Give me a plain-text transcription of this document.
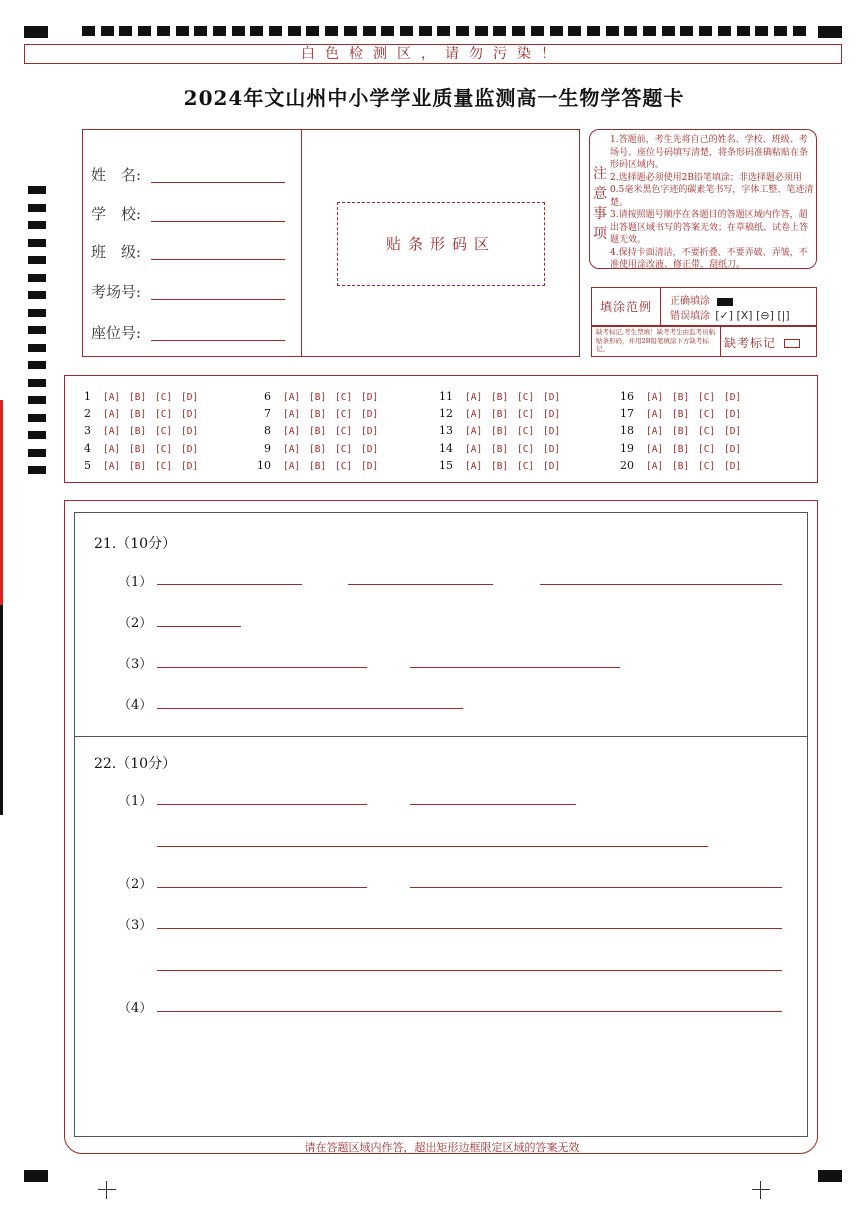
白色检测区，请勿污染！
2024年文山州中小学学业质量监测高一生物学答题卡
姓　名:
学　校:
班　级:
考场号:
座位号:
贴条形码区
注意事项

1.答题前，考生先将自己的姓名、学校、班级、考场号、座位号码填写清楚，将条形码准确粘贴在条形码区域内。

2.选择题必须使用2B铅笔填涂；非选择题必须用0.5毫米黑色字迹的碳素笔书写，字体工整、笔迹清楚。

3.请按照题号顺序在各题目的答题区域内作答，超出答题区域书写的答案无效；在草稿纸、试卷上答题无效。

4.保持卡面清洁，不要折叠、不要弄破、弄皱，不准使用涂改液、修正带、刮纸刀。

填涂范例 正确填涂
错误填涂 [✓] [X] [⊖] [|]
缺考标记,考生禁填！缺考考生由监考员粘贴条形码，并用2B铅笔填涂下方缺考标记。	缺考标记
1 [A] [B] [C] [D]
2 [A] [B] [C] [D]
3 [A] [B] [C] [D]
4 [A] [B] [C] [D]
5 [A] [B] [C] [D]
6 [A] [B] [C] [D]
7 [A] [B] [C] [D]
8 [A] [B] [C] [D]
9 [A] [B] [C] [D]
10 [A] [B] [C] [D]
11 [A] [B] [C] [D]
12 [A] [B] [C] [D]
13 [A] [B] [C] [D]
14 [A] [B] [C] [D]
15 [A] [B] [C] [D]
16 [A] [B] [C] [D]
17 [A] [B] [C] [D]
18 [A] [B] [C] [D]
19 [A] [B] [C] [D]
20 [A] [B] [C] [D]
21.（10分）
（1）
（2）
（3）
（4）
22.（10分）
（1）
（2）
（3）
（4）
请在答题区域内作答，超出矩形边框限定区域的答案无效
